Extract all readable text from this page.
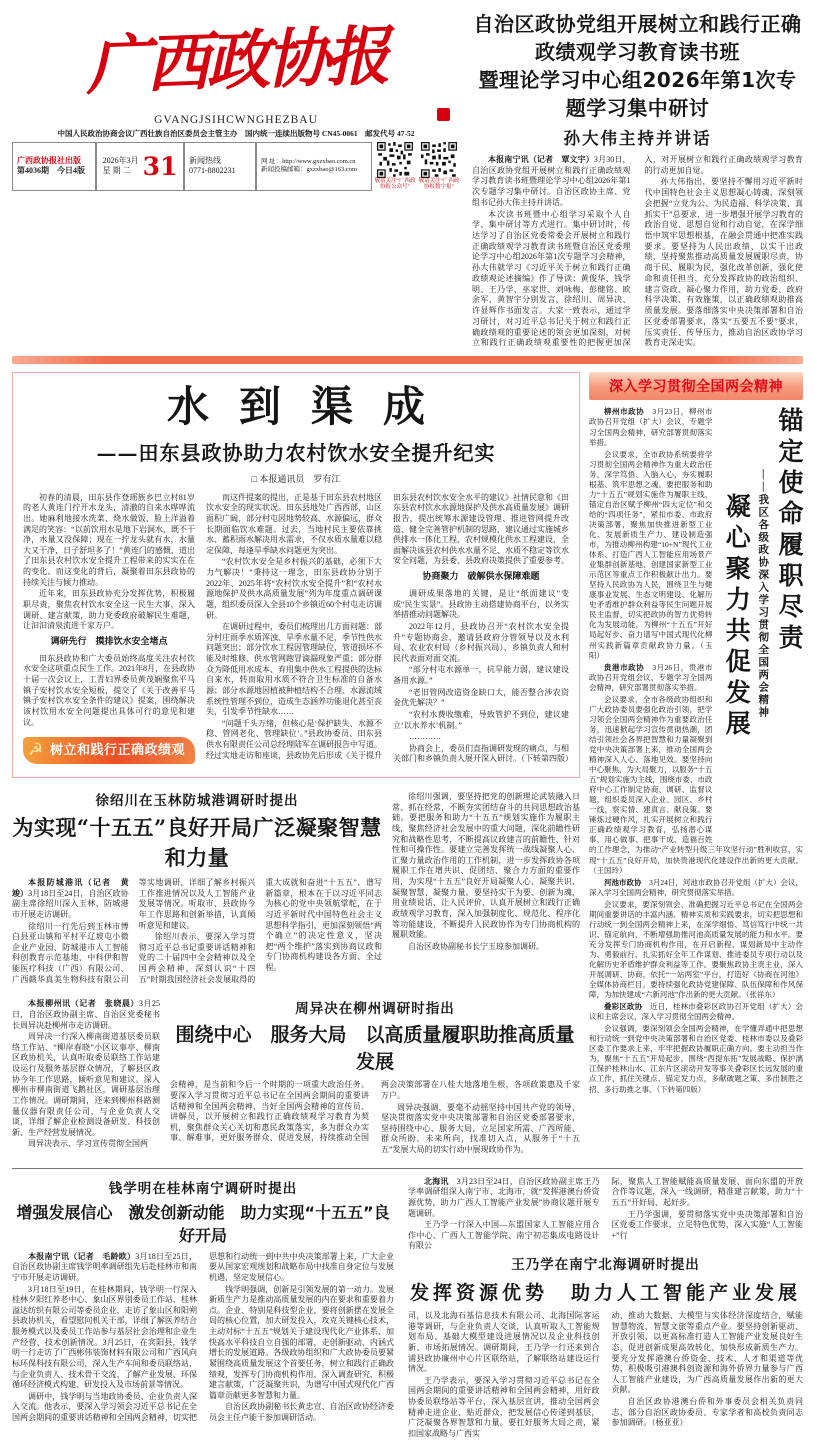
广西政协报
GVANGJSIHCWNGHEZBAU
中国人民政治协商会议广西壮族自治区委员会主管主办　国内统一连续出版物号 CN45-0061　邮发代号 47-52
广西政协报社出版
第4036期　今日4版
2026年3月
星 期 二 31 新闻热线
0771-8802231
网 址：http://www.gxzxbao.com.cn
新闻投稿邮箱：gxzxbao@163.com
敬请关注“广西政协报公众号”
敬请关注“广西政协报数字报”
自治区政协党组开展树立和践行正确政绩观学习教育读书班
暨理论学习中心组2026年第1次专题学习集中研讨
孙大伟主持并讲话

本报南宁讯（记者　覃文宇）3月30日，自治区政协党组开展树立和践行正确政绩观学习教育读书班暨理论学习中心组2026年第1次专题学习集中研讨。自治区政协主席、党组书记孙大伟主持并讲话。

本次读书班暨中心组学习采取个人自学、集中研讨等方式进行。集中研讨时，传达学习了自治区党委常委会开展树立和践行正确政绩观学习教育读书班暨自治区党委理论学习中心组2026年第1次专题学习会精神，孙大伟就学习《习近平关于树立和践行正确政绩观论述摘编》作了导读；黄俊华、钱学明、王乃学、巫家世、刘咏梅、彭健铭、欧余军、黄智宇分别发言，徐绍川、周异决、许显辉作书面发言。大家一致表示，通过学习研讨，对习近平总书记关于树立和践行正确政绩观的重要论述的领会更加深刻，对树立和践行正确政绩观重要性的把握更加深入，对开展树立和践行正确政绩观学习教育的行动更加自觉。

孙大伟指出，要坚持不懈用习近平新时代中国特色社会主义思想凝心铸魂，深刻领会把握“立党为公、为民造福、科学决策、真抓实干”总要求，进一步增强开展学习教育的政治自觉、思想自觉和行动自觉，在深学细悟中筑牢思想根基，在融会贯通中把准实践要求。要坚持为人民出政绩、以实干出政绩，坚持聚焦推动高质量发展履职尽责，协商于民、履职为民，强化改革创新，强化使命和责任担当，充分发挥政协的政治组织、建言资政、凝心聚力作用，助力党委、政府科学决策、有效施策，以正确政绩观助推高质量发展。要落细落实中央决策部署和自治区党委部署要求，落实“五要五不要”要求，压实责任、传导压力，推动自治区政协学习教育走深走实。

水到渠成
——田东县政协助力农村饮水安全提升纪实
□ 本报通讯员　罗有江

初春的清晨，田东县作登瑶族乡巴立村81岁的老人黄连门拧开水龙头，清澈的自来水哗哗流出。她麻利地接水洗菜、烧水做饭，脸上洋溢着满足的笑容：“以前饮用水是地下岩洞水，既不干净，水量又没保障；现在一拧龙头就有水，水量大又干净，日子舒坦多了！”黄连门的感慨，道出了田东县农村饮水安全提升工程带来的实实在在的变化。而这变化的背后，凝聚着田东县政协的持续关注与倾力推动。

近年来，田东县政协充分发挥优势，积极履职尽责，聚焦农村饮水安全这一民生大事，深入调研、建言献策，助力党委政府破解民生难题，让汩汩清泉流进千家万户。

调研先行　摸排饮水安全堵点

田东县政协和广大委员始终高度关注农村饮水安全这项重点民生工作。2021年8月，在县政协十届一次会议上，工青妇界委员黄茂娴聚焦平马镇子安村饮水安全短板，提交了《关于改善平马镇子安村饮水安全条件的建议》提案，围绕解决该村饮用水安全问题提出具体可行的意见和建议。

☭ 树立和践行正确政绩观

而这件提案的提出，正是基于田东县农村地区饮水安全的现实状况。田东县地处广西西部，山区面积广阔，部分村屯因地势较高、水源偏远，群众长期面临饮水难题。过去，当地村民主要依靠挑水、蓄积雨水解决用水需求，不仅水质水量难以稳定保障，每逢旱季缺水问题更为突出。

“农村饮水安全是乡村振兴的基础，必须下大力气解决！”秉持这一理念，田东县政协分别于2022年、2025年将“农村饮水安全提升”和“农村水源地保护及供水高质量发展”列为年度重点调研课题，组织委员深入全县10个乡镇近60个村屯走访调研。

在调研过程中，委员们梳理出几方面问题：部分村庄雨季水质浑浊、旱季水量不足，季节性供水问题突出；部分饮水工程因管理缺位，管道损坏不能及时维修、供水管网跑冒滴漏现象严重；部分群众为降低用水成本、弃用集中供水工程提供的达标自来水，转而取用水质不符合卫生标准的自备水源；部分水源地因植被种植结构不合理、水源流域系统性管理不到位，造成生态涵养功能退化甚至丧失，引发季节性缺水……

“问题千头万绪，但核心是‘保护缺失、水源不稳、管网老化、管理缺位’。”县政协委员、田东县供水有限责任公司总经理陆军在调研报告中写道。经过实地走访和座谈，县政协先后形成《关于提升田东县农村饮水安全水平的建议》社情民意和《田东县农村饮水水源地保护及供水高质量发展》调研报告，提出统筹水源建设管理、推进管网提升改造、健全完善管护机制的思路，建议通过实施城乡供排水一体化工程、农村规模化供水工程建设，全面解决该县农村供水水量不足、水质不稳定等饮水安全问题，为县委、县政府决策提供了重要参考。

协商聚力　破解供水保障难题

调研成果落地的关键，是让“纸面建议”变成“民生实景”。县政协主动搭建协商平台，以务实举措推动问题解决。

2022年12月，县政协召开“农村饮水安全提升”专题协商会，邀请县政府分管领导以及水利局、农业农村局（乡村振兴局）、乡镇负责人和村民代表面对面交流。

“部分村屯水源单一，抗旱能力弱，建议建设备用水源。”

“老旧管网改造资金缺口大，能否整合涉农资金优先解决？”

“农村水费收缴难，导致管护不到位，建议建立‘以水养水’机制。”

…………

协商会上，委员们直指调研发现的痛点，与相关部门和乡镇负责人展开深入研讨。（下转第四版）

徐绍川在玉林防城港调研时提出
为实现“十五五”良好开局广泛凝聚智慧和力量

本报防城港讯（记者　黄　竣）3月18日至24日，自治区政协副主席徐绍川深入玉林、防城港市开展走访调研。

徐绍川一行先后到玉林市博白县亚山镇和平村平辽坡屯小微企业产业园、防城港市人工智能科创教育示范基地、中科伊和智能医疗科技（广西）有限公司、广西赣华真美生物科技有限公司等实地调研，详细了解乡村振兴工作推进情况以及人工智能产业发展等情况。听取市、县政协今年工作思路和创新举措，认真倾听意见和建议。

徐绍川表示，要深入学习贯彻习近平总书记重要讲话精神和党的二十届四中全会精神以及全国两会精神，深刻认识“十四五”时期我国经济社会发展取得的重大成就和奋进“十五五”、谱写新篇章，根本在于以习近平同志为核心的党中央领航掌舵，在于习近平新时代中国特色社会主义思想科学指引，更加深刻领悟“两个确立”的决定性意义，坚决把“两个维护”落实到协商议政和专门协商机构建设各方面、全过程。

徐绍川强调，要坚持把党的创新理论武装融入日常、抓在经常，不断夯实团结奋斗的共同思想政治基础。要把服务和助力“十五五”规划实施作为履职主线，聚焦经济社会发展中的重大问题，深化前瞻性研究和战略性思考，不断提高议政建言的前瞻性、针对性和可操作性。要建立完善发挥统一战线凝聚人心、汇聚力量政治作用的工作机制，进一步发挥政协各项履职工作在增共识、促团结、聚合力方面的重要作用，为实现“十五五”良好开局凝聚人心、凝聚共识、凝聚智慧、凝聚力量。要坚持实干为要、创新为魂，用业绩说话、让人民评价，认真开展树立和践行正确政绩观学习教育，深入加强制度化、规范化、程序化等功能建设，不断提升人民政协作为专门协商机构的履职效能。

自治区政协副秘书长宁玉琼参加调研。

本报柳州讯（记者　张晓晨）3月25日，自治区政协副主席、自治区党委秘书长周异决赴柳州市走访调研。

周异决一行深入柳南街道基层委员联络工作站、“柳岸春晓”小区议事亭、柳南区政协机关，认真听取委员联络工作站建设运行及服务基层群众情况，了解县区政协今年工作思路，倾听意见和建议。深入柳州市柳南街道飞鹅社区，调研基层治理工作情况。调研期间，还来到柳州科路测量仪器有限责任公司，与企业负责人交谈，详细了解企业检测设备研发、科技创新、生产经营发展情况。

周异决表示，学习宣传贯彻全国两

周异决在柳州调研时指出
围绕中心　服务大局　以高质量履职助推高质量发展

会精神，是当前和今后一个时期的一项重大政治任务。要深入学习贯彻习近平总书记在全国两会期间的重要讲话精神和全国两会精神，当好全国两会精神的宣传员、讲解员，以开展树立和践行正确政绩观学习教育为契机，聚焦群众关心关切和惠民政策落实，多为群众办实事、解难事，更好服务群众、促进发展，持续推动全国两会决策部署在八桂大地落地生根，各项政策惠及千家万户。

周异决强调，要毫不动摇坚持中国共产党的领导，坚决贯彻落实党中央决策部署和自治区党委部署要求，坚持围绕中心、服务大局，立足国家所需、广西所能、群众所盼、未来所向，找准切入点，从服务于“十五五”发展大局的切实行动中展现政协作为。

深入学习贯彻全国两会精神
锚定使命履职尽责
——我区各级政协深入学习贯彻全国两会精神
凝心聚力共促发展

柳州市政协　3月23日，柳州市政协召开党组（扩大）会议，专题学习全国两会精神，研究部署贯彻落实举措。

会议要求，全市政协系统要将学习贯彻全国两会精神作为重大政治任务，深学笃悟、入脑入心，夯实履职根基、筑牢思想之魂。要把服务和助力“十五五”规划实施作为履职主线，锚定自治区赋予柳州“四大定位”和交给的“四项任务”，紧扣市委、市政府决策部署，聚焦加快推进新型工业化、发展新质生产力、建设制造强市，为推动柳州构建“10+N”现代工业体系、打造广西人工智能应用场景产业集群创新基地、创建国家新型工业示范区等重点工作积极献计出力。要坚持人民政协为人民，围绕卫生与健康事业发展、生态文明建设、化解历史矛盾维护群众利益等民生问题开展民主监督，切实把政协的智力优势转化为发展动能，为柳州“十五五”开好局起好步、奋力谱写中国式现代化柳州实践新篇章贡献政协力量。（玉　阳）

贵港市政协　3月26日，贵港市政协召开党组会议，专题学习全国两会精神，研究部署贯彻落实举措。

会议要求，全市各级政协组织和广大政协委员要强化政治引领，把学习领会全国两会精神作为重要政治任务，迅速掀起学习宣传贯彻热潮，团结引领社会各界把智慧和力量凝聚到党中央决策部署上来，推动全国两会精神深入人心、落地见效。要坚持向中心聚焦、为大局聚力，以服务“十五五”规划实施为主线，围绕市委、市政府中心工作制定协商、调研、监督议题，组织委员深入企业、园区、乡村一线，察实情、建真言、献良策。要锤炼过硬作风，扎实开展树立和践行正确政绩观学习教育，弘扬潜心谋事、用心做事、把事干成、造福百姓的工作理念，为推动“产业转型升级三年攻坚行动”胜利收官、实现“十五五”良好开局，加快贵港现代化建设作出新的更大贡献。（王国玲）

河池市政协　3月24日，河池市政协召开党组（扩大）会议，深入学习全国两会精神，研究贯彻落实举措。

会议要求，要深刻领会、准确把握习近平总书记在全国两会期间重要讲话的丰富内涵、精神实质和实践要求，切实把思想和行动统一到全国两会精神上来，在深学细悟、笃信笃行中统一共识、锚定航向，不断增强助推河池高质量发展的能力和水平。要充分发挥专门协商机构作用，在开启新程、谋划新局中主动作为、勇毅前行，扎实抓好全年工作谋划、推进委员专项行动以及化解历史矛盾维护群众利益等工作。要聚焦政协主责主业，深入开展调研、协商，依托“一站两室”平台，打造好《协商在河池》全媒体协商栏目。要持续强化政协党建保障、队伍保障和作风保障，为加快建成“六新河池”作出新的更大贡献。（张祥东）

叠彩区政协　近日，桂林市叠彩区政协召开党组（扩大）会议和主席会议，深入学习贯彻全国两会精神。

会议强调，要深刻领会全国两会精神，在学懂弄通中把思想和行动统一到党中央决策部署和自治区党委、桂林市委以及叠彩区委工作要求上来，牢牢把握政协履职正确方向。要主动担当作为，聚焦“十五五”开局起步，围绕“西提东拓”发展战略、保护漓江保护桂林山水、江东片区滚动开发等事关叠彩区长远发展的重点工作，抓住关键点、锚定发力点，多献破题之策、多出制胜之招、多行助推之事。（下转第四版）

钱学明在桂林南宁调研时提出
增强发展信心　激发创新动能　助力实现“十五五”良好开局

本报南宁讯（记者　毛龄欧）3月18日至25日，自治区政协副主席钱学明率调研组先后赴桂林市和南宁市开展走访调研。

3月18日至19日，在桂林期间，钱学明一行深入桂林夕阳红养老中心、象山区界别委员工作站、桂林溢达纺织有限公司等委员企业，走访了象山区和阳朔县政协机关，看望慰问机关干部，详细了解医养结合服务模式以及委员工作站参与基层社会治理和企业生产经营、技术创新情况。3月25日，在宾阳县，钱学明一行走访了广西彬伟装饰材料有限公司和广西风向标环保科技有限公司，深入生产车间和委员联络站，与企业负责人、技术骨干交流，了解产业发展、环保循环经济模式构建、研发投入及市场前景等情况。

调研中，钱学明与当地政协委员、企业负责人深入交流。他表示，要深入学习领会习近平总书记在全国两会期间的重要讲话精神和全国两会精神，切实把思想和行动统一到中共中央决策部署上来，广大企业要从国家宏观规划和战略布局中找准自身定位与发展机遇，坚定发展信心。

钱学明强调，创新是引领发展的第一动力。发展新质生产力是推动高质量发展的内在要求和重要着力点。企业、特别是科技型企业，要将创新摆在发展全局的核心位置，加大研发投入，攻克关键核心技术，主动对标“十五五”规划关于建设现代化产业体系、加快高水平科技自立自强的部署，走创新驱动、内涵式增长的发展道路。各级政协组织和广大政协委员要紧紧围绕高质量发展这个首要任务，树立和践行正确政绩观，发挥专门协商机构作用，深入调查研究，积极建言献策，广泛凝聚共识，为谱写中国式现代化广西篇章贡献更多智慧和力量。

自治区政协副秘书长黄忠宣、自治区政协经济委员会主任卢能干参加调研活动。

北海讯　3月23日至24日，自治区政协副主席王乃学率调研组深入南宁市、北海市，就“发挥港澳台侨资源优势，助力广西人工智能产业发展”协商议题开展专题调研。

王乃学一行深入中国—东盟国家人工智能应用合作中心、广西人工智能学院、南宁初芯集成电路设计有限公

际，聚焦人工智能赋能高质量发展、面向东盟的开放合作等议题，深入一线调研，精准建言献策，助力“十五五”开好局、起好步。

王乃学强调，要贯彻落实党中央决策部署和自治区党委工作要求，立足特色优势，深入实施“人工智能+”行

王乃学在南宁北海调研时提出
发挥资源优势　助力人工智能产业发展

司，以及北海石基信息技术有限公司、北海国际客运港等调研，与企业负责人交谈，认真听取人工智能规划布局、基础大模型建设进展情况以及企业科技创新、市场拓展情况。调研期间，王乃学一行还来到合浦县政协廉州中心片区联络站，了解联络站建设运行情况。

王乃学表示，要深入学习贯彻习近平总书记在全国两会期间的重要讲话精神和全国两会精神，用好政协委员联络站等平台，深入基层宣讲，推动全国两会精神走进企业、贴近群众，把发展信心传递到基层，广泛凝聚各界智慧和力量。要扛好服务大局之责，紧扣国家战略与广西实

动，推动大数据、大模型与实体经济深度结合，赋能智慧物流、智慧文旅等重点产业。要坚持创新驱动、开放引领，以更高标准打造人工智能产业发展良好生态，促进创新成果高效转化，加快形成新质生产力。要充分发挥港澳台侨资金、技术、人才和渠道等优势，积极吸引港澳科创资源和海外侨界力量参与广西人工智能产业建设，为广西高质量发展作出新的更大贡献。

自治区政协港澳台侨和外事委员会相关负责同志，部分自治区政协委员、专家学者和高校负责同志参加调研。（杨亚亚）
